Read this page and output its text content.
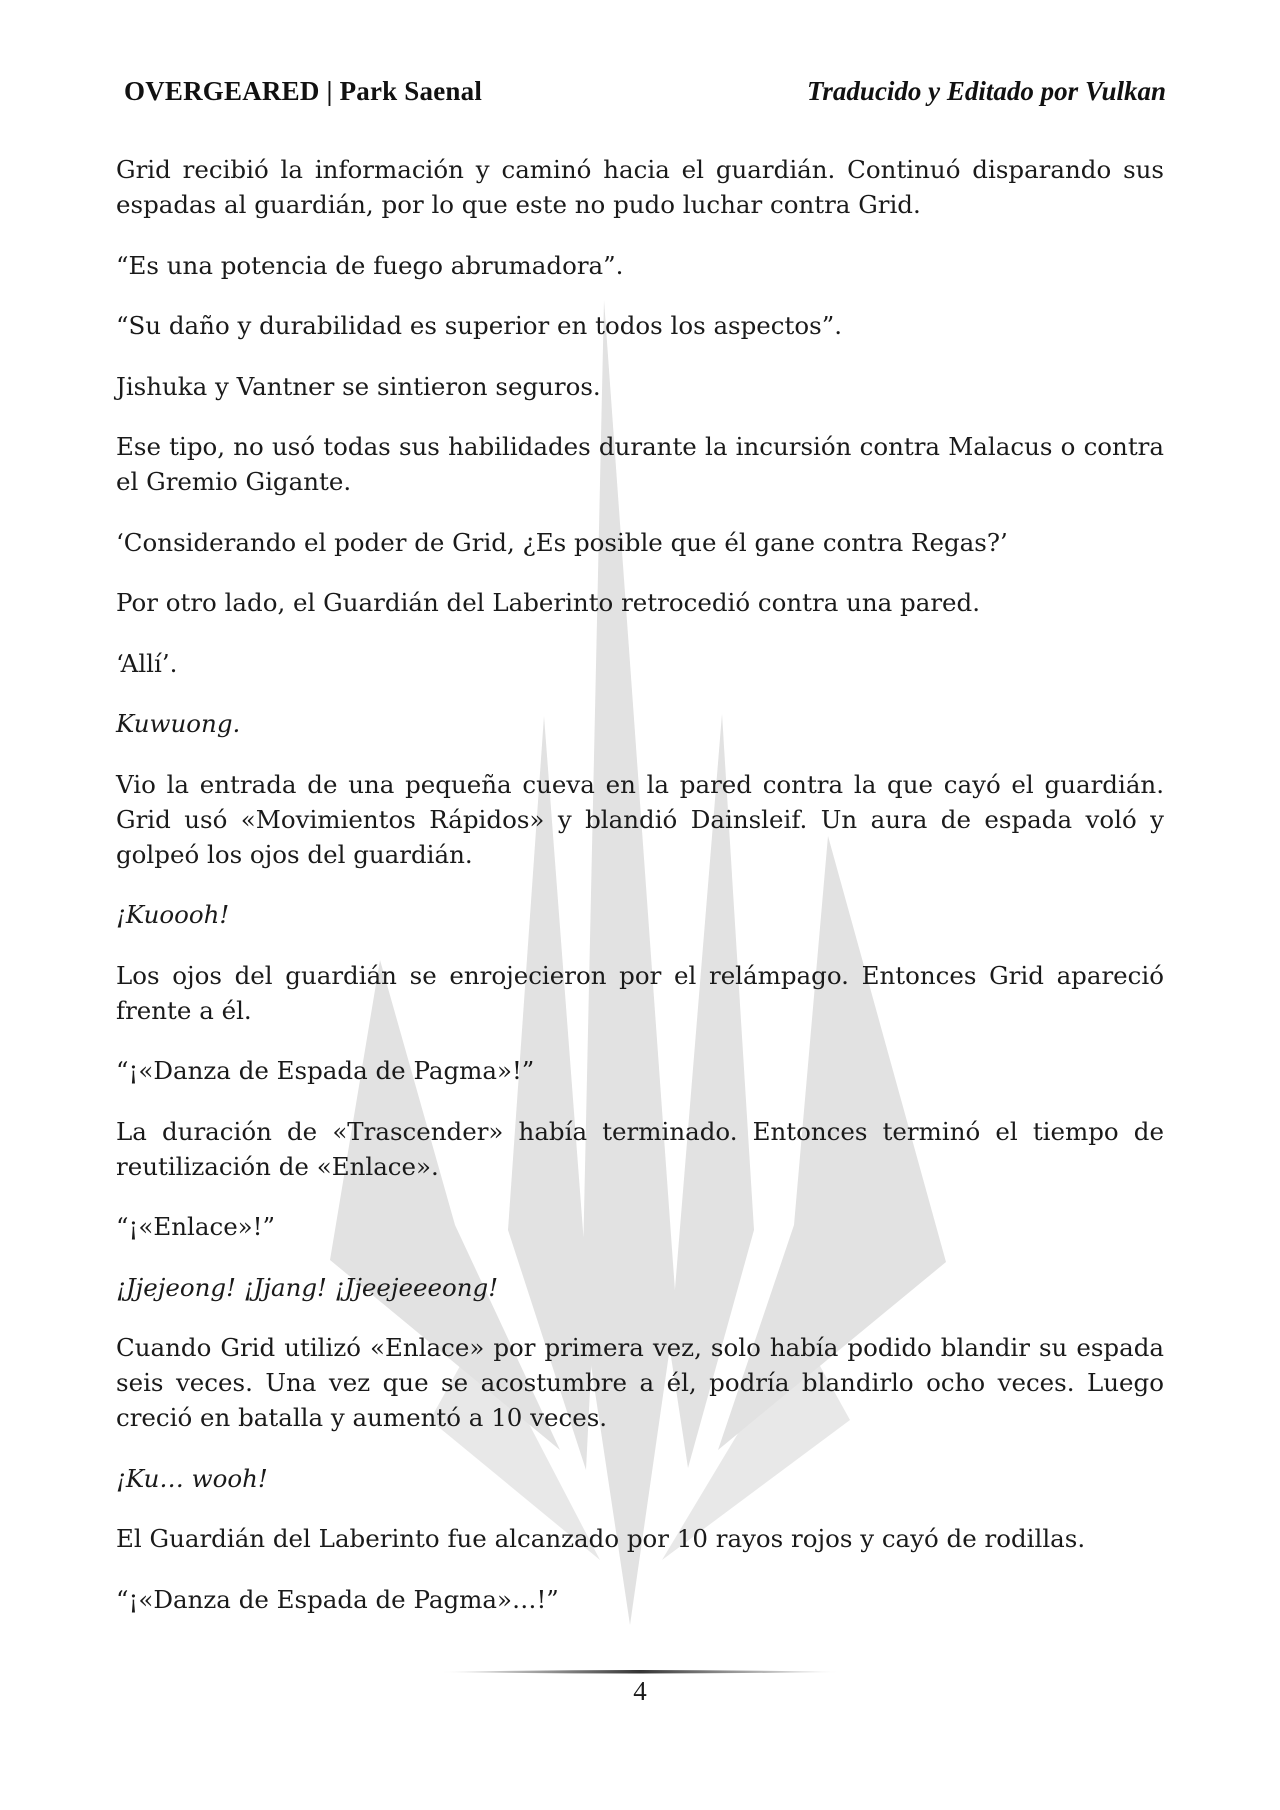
OVERGEARED | Park Saenal	Traducido y Editado por Vulkan

Grid recibió la información y caminó hacia el guardián. Continuó disparando sus espadas al guardián, por lo que este no pudo luchar contra Grid.

“Es una potencia de fuego abrumadora”.

“Su daño y durabilidad es superior en todos los aspectos”.

Jishuka y Vantner se sintieron seguros.

Ese tipo, no usó todas sus habilidades durante la incursión contra Malacus o contra el Gremio Gigante.

‘Considerando el poder de Grid, ¿Es posible que él gane contra Regas?’

Por otro lado, el Guardián del Laberinto retrocedió contra una pared.

‘Allí’.

Kuwuong.

Vio la entrada de una pequeña cueva en la pared contra la que cayó el guardián. Grid usó «Movimientos Rápidos» y blandió Dainsleif. Un aura de espada voló y golpeó los ojos del guardián.

¡Kuoooh!

Los ojos del guardián se enrojecieron por el relámpago. Entonces Grid apareció frente a él.

“¡«Danza de Espada de Pagma»!”

La duración de «Trascender» había terminado. Entonces terminó el tiempo de reutilización de «Enlace».

“¡«Enlace»!”

¡Jjejeong! ¡Jjang! ¡Jjeejeeeong!

Cuando Grid utilizó «Enlace» por primera vez, solo había podido blandir su espada seis veces. Una vez que se acostumbre a él, podría blandirlo ocho veces. Luego creció en batalla y aumentó a 10 veces.

¡Ku… wooh!

El Guardián del Laberinto fue alcanzado por 10 rayos rojos y cayó de rodillas.

“¡«Danza de Espada de Pagma»…!”

4
